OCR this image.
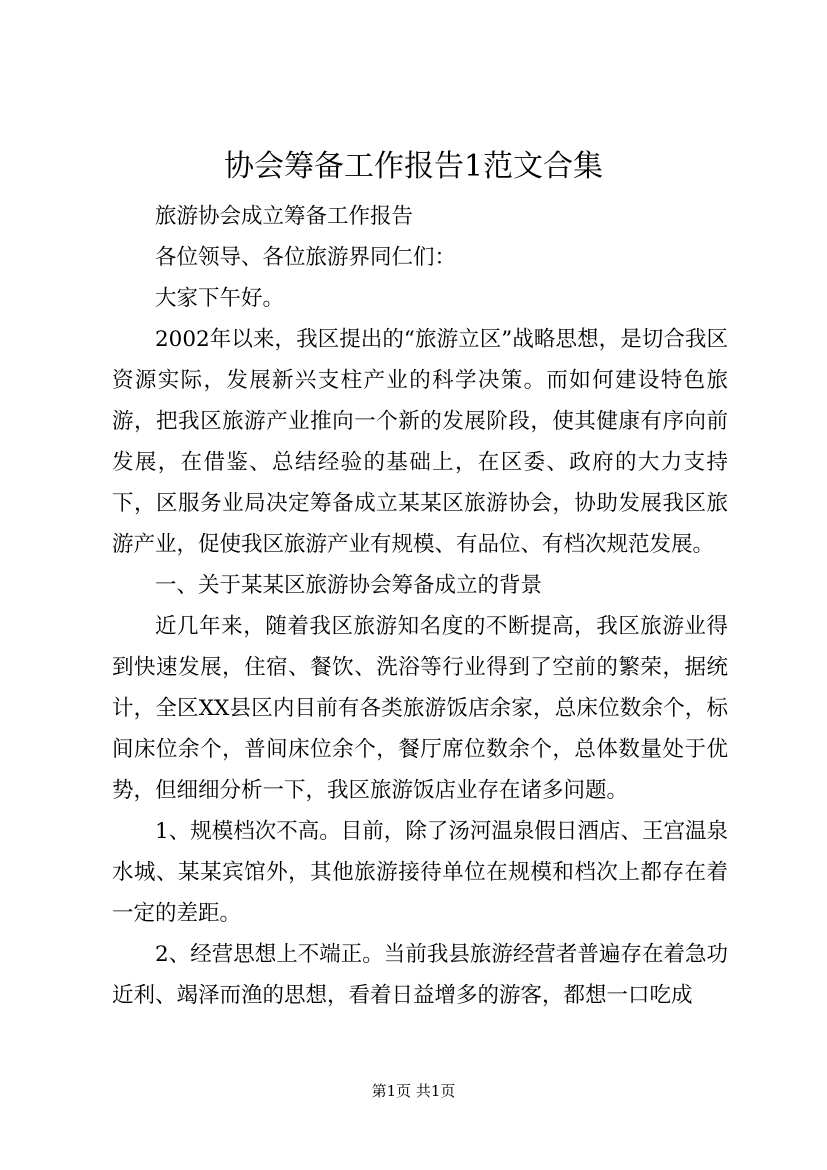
协会筹备工作报告1范文合集

旅游协会成立筹备工作报告

各位领导、各位旅游界同仁们：

大家下午好。

2002年以来，我区提出的“旅游立区”战略思想，是切合我区资源实际，发展新兴支柱产业的科学决策。而如何建设特色旅游，把我区旅游产业推向一个新的发展阶段，使其健康有序向前发展，在借鉴、总结经验的基础上，在区委、政府的大力支持下，区服务业局决定筹备成立某某区旅游协会，协助发展我区旅游产业，促使我区旅游产业有规模、有品位、有档次规范发展。

一、关于某某区旅游协会筹备成立的背景

近几年来，随着我区旅游知名度的不断提高，我区旅游业得到快速发展，住宿、餐饮、洗浴等行业得到了空前的繁荣，据统计，全区XX县区内目前有各类旅游饭店余家，总床位数余个，标间床位余个，普间床位余个，餐厅席位数余个，总体数量处于优势，但细细分析一下，我区旅游饭店业存在诸多问题。

1、规模档次不高。目前，除了汤河温泉假日酒店、王宫温泉水城、某某宾馆外，其他旅游接待单位在规模和档次上都存在着一定的差距。

2、经营思想上不端正。当前我县旅游经营者普遍存在着急功近利、竭泽而渔的思想，看着日益增多的游客，都想一口吃成

第1页 共1页
